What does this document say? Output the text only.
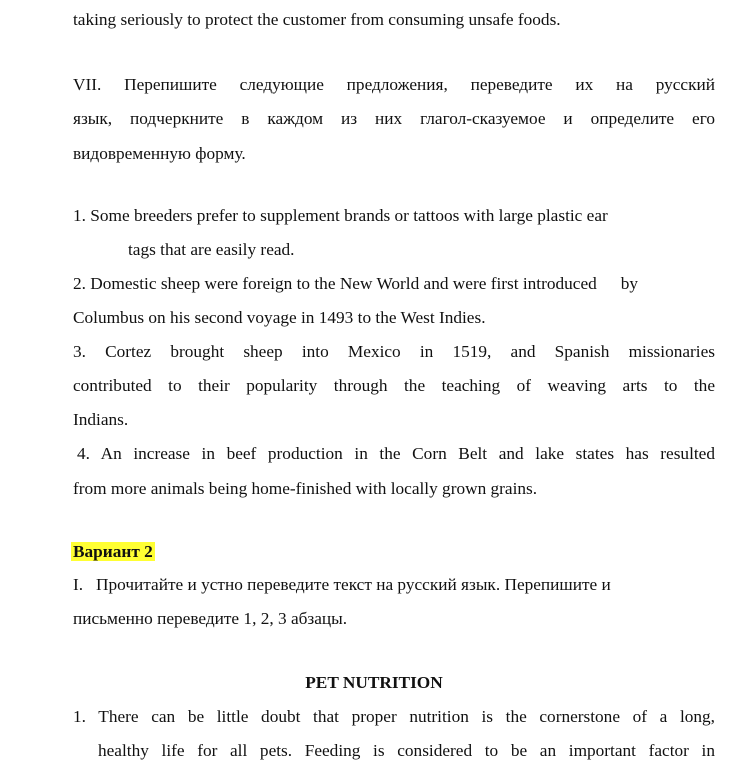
taking seriously to protect the customer from consuming unsafe foods.
VII. Перепишите следующие предложения, переведите их на русский
язык, подчеркните в каждом из них глагол-сказуемое и определите его
видовременную форму.
1. Some breeders prefer to supplement brands or tattoos with large plastic ear
tags that are easily read.
2. Domestic sheep were foreign to the New World and were first introduced by
Columbus on his second voyage in 1493 to the West Indies.
3. Cortez brought sheep into Mexico in 1519, and Spanish missionaries
contributed to their popularity through the teaching of weaving arts to the
Indians.
4. An increase in beef production in the Corn Belt and lake states has resulted
from more animals being home-finished with locally grown grains.
Вариант 2
I.   Прочитайте и устно переведите текст на русский язык. Перепишите и
письменно переведите 1, 2, 3 абзацы.
PET NUTRITION
1. There can be little doubt that proper nutrition is the cornerstone of a long,
healthy life for all pets. Feeding is considered to be an important factor in
